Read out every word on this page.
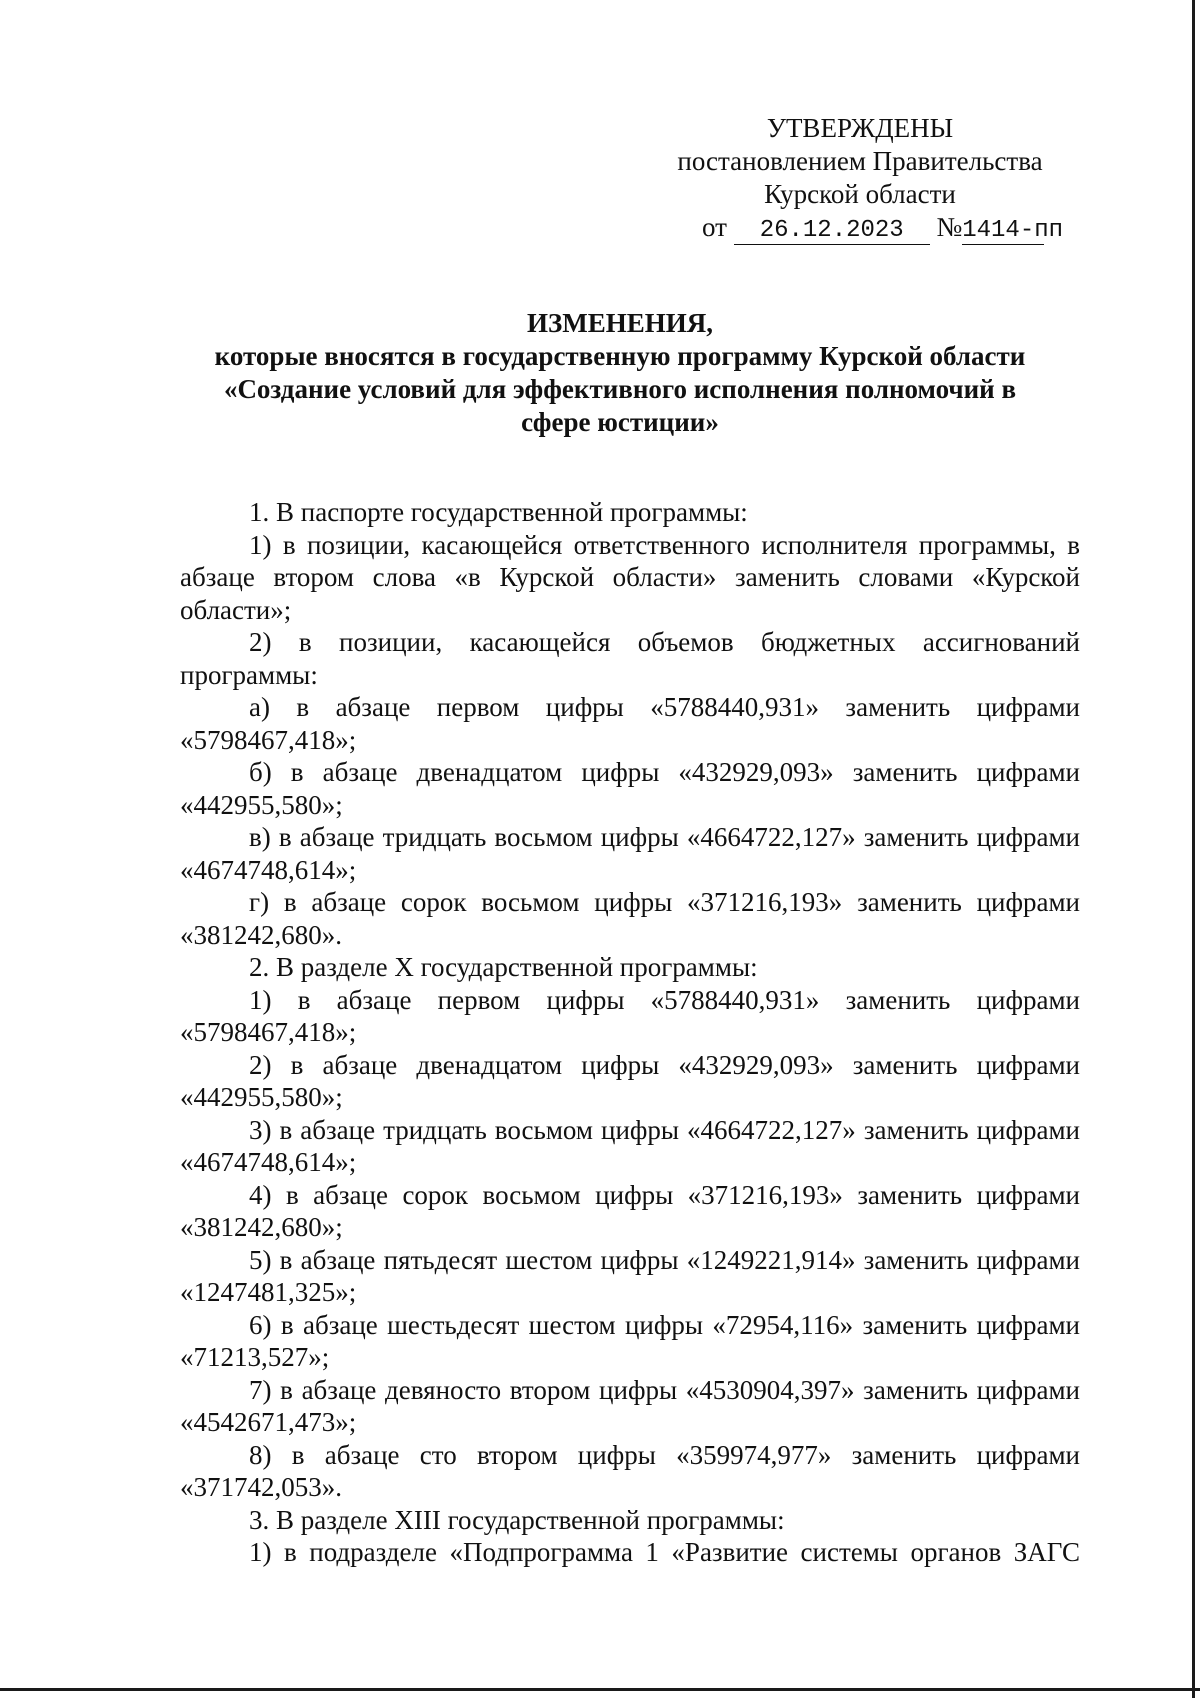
УТВЕРЖДЕНЫ
постановлением Правительства
Курской области
от 26.12.2023 №1414-пп
ИЗМЕНЕНИЯ,
которые вносятся в государственную программу Курской области
«Создание условий для эффективного исполнения полномочий в
сфере юстиции»

1. В паспорте государственной программы:

1) в позиции, касающейся ответственного исполнителя программы, в абзаце втором слова «в Курской области» заменить словами «Курской области»;

2) в позиции, касающейся объемов бюджетных ассигнований программы:

а) в абзаце первом цифры «5788440,931» заменить цифрами «5798467,418»;

б) в абзаце двенадцатом цифры «432929,093» заменить цифрами «442955,580»;

в) в абзаце тридцать восьмом цифры «4664722,127» заменить цифрами «4674748,614»;

г) в абзаце сорок восьмом цифры «371216,193» заменить цифрами «381242,680».

2. В разделе X государственной программы:

1) в абзаце первом цифры «5788440,931» заменить цифрами «5798467,418»;

2) в абзаце двенадцатом цифры «432929,093» заменить цифрами «442955,580»;

3) в абзаце тридцать восьмом цифры «4664722,127» заменить цифрами «4674748,614»;

4) в абзаце сорок восьмом цифры «371216,193» заменить цифрами «381242,680»;

5) в абзаце пятьдесят шестом цифры «1249221,914» заменить цифрами «1247481,325»;

6) в абзаце шестьдесят шестом цифры «72954,116» заменить цифрами «71213,527»;

7) в абзаце девяносто втором цифры «4530904,397» заменить цифрами «4542671,473»;

8) в абзаце сто втором цифры «359974,977» заменить цифрами «371742,053».

3. В разделе XIII государственной программы:

1) в подразделе «Подпрограмма 1 «Развитие системы органов ЗАГС
